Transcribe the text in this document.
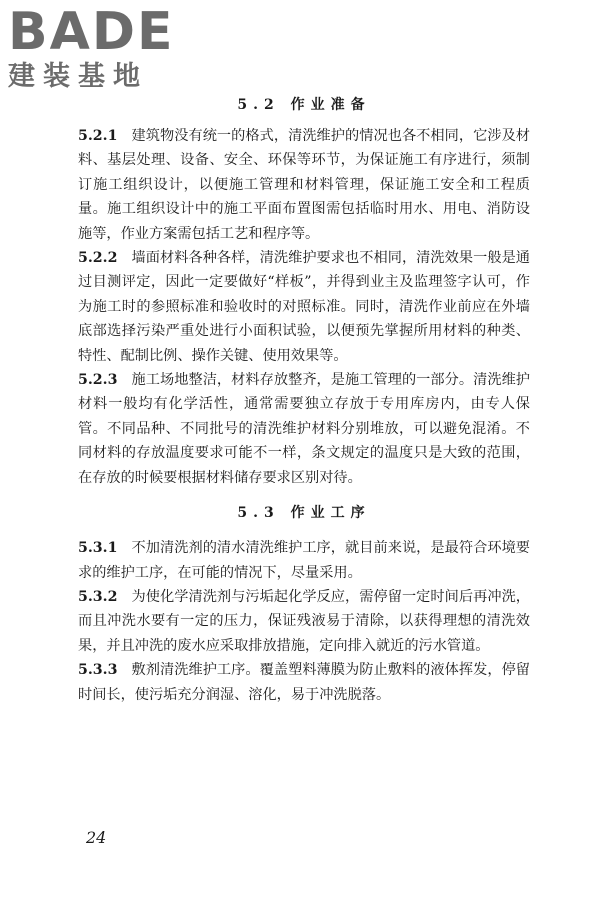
BADE
建装基地
5.2 作业准备

5.2.1 建筑物没有统一的格式，清洗维护的情况也各不相同，它涉及材料、基层处理、设备、安全、环保等环节，为保证施工有序进行，须制订施工组织设计，以便施工管理和材料管理，保证施工安全和工程质量。施工组织设计中的施工平面布置图需包括临时用水、用电、消防设施等，作业方案需包括工艺和程序等。

5.2.2 墙面材料各种各样，清洗维护要求也不相同，清洗效果一般是通过目测评定，因此一定要做好“样板”，并得到业主及监理签字认可，作为施工时的参照标准和验收时的对照标准。同时，清洗作业前应在外墙底部选择污染严重处进行小面积试验，以便预先掌握所用材料的种类、特性、配制比例、操作关键、使用效果等。

5.2.3 施工场地整洁，材料存放整齐，是施工管理的一部分。清洗维护材料一般均有化学活性，通常需要独立存放于专用库房内，由专人保管。不同品种、不同批号的清洗维护材料分别堆放，可以避免混淆。不同材料的存放温度要求可能不一样，条文规定的温度只是大致的范围，在存放的时候要根据材料储存要求区别对待。

5.3 作业工序

5.3.1 不加清洗剂的清水清洗维护工序，就目前来说，是最符合环境要求的维护工序，在可能的情况下，尽量采用。

5.3.2 为使化学清洗剂与污垢起化学反应，需停留一定时间后再冲洗，而且冲洗水要有一定的压力，保证残液易于清除，以获得理想的清洗效果，并且冲洗的废水应采取排放措施，定向排入就近的污水管道。

5.3.3 敷剂清洗维护工序。覆盖塑料薄膜为防止敷料的液体挥发，停留时间长，使污垢充分润湿、溶化，易于冲洗脱落。

24
